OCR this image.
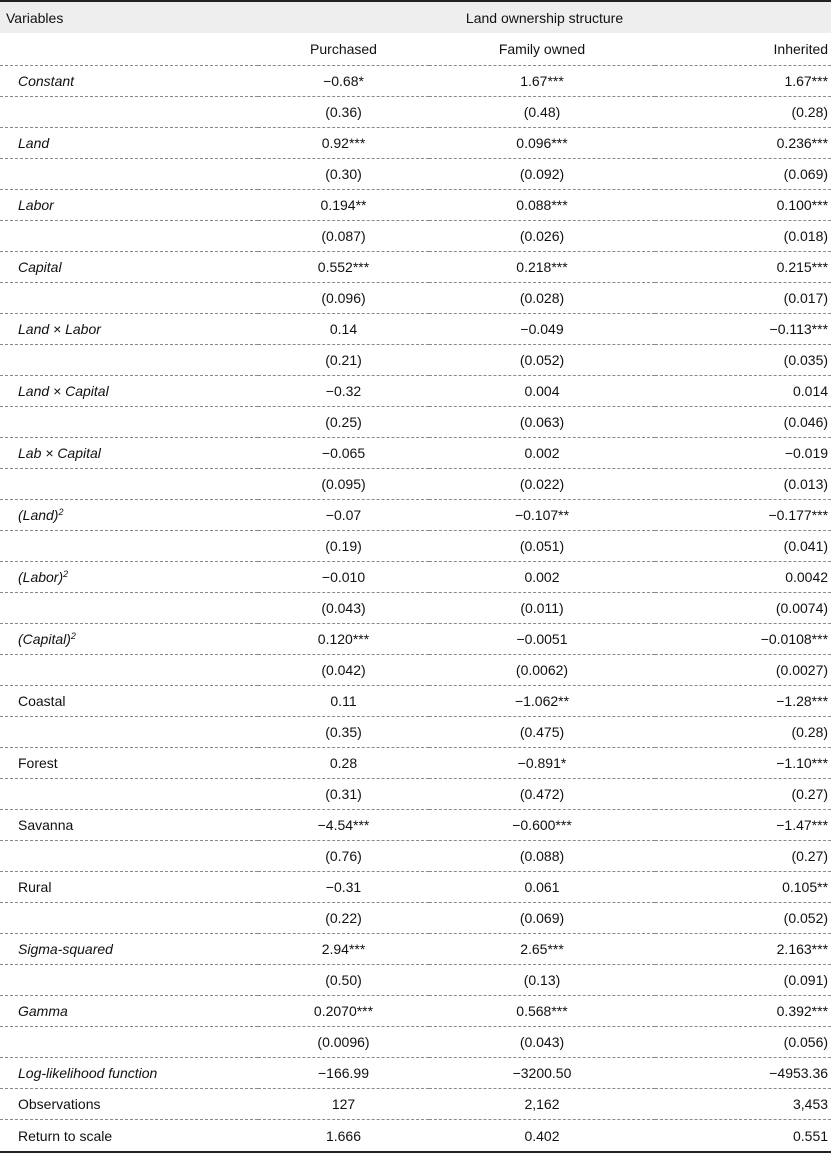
Variables	Land ownership structure		
	Purchased	Family owned	Inherited
Constant	−0.68*	1.67***	1.67***
	(0.36)	(0.48)	(0.28)
Land	0.92***	0.096***	0.236***
	(0.30)	(0.092)	(0.069)
Labor	0.194**	0.088***	0.100***
	(0.087)	(0.026)	(0.018)
Capital	0.552***	0.218***	0.215***
	(0.096)	(0.028)	(0.017)
Land × Labor	0.14	−0.049	−0.113***
	(0.21)	(0.052)	(0.035)
Land × Capital	−0.32	0.004	0.014
	(0.25)	(0.063)	(0.046)
Lab × Capital	−0.065	0.002	−0.019
	(0.095)	(0.022)	(0.013)
(Land)$^2$	−0.07	−0.107**	−0.177***
	(0.19)	(0.051)	(0.041)
(Labor)$^2$	−0.010	0.002	0.0042
	(0.043)	(0.011)	(0.0074)
(Capital)$^2$	0.120***	−0.0051	−0.0108***
	(0.042)	(0.0062)	(0.0027)
Coastal	0.11	−1.062**	−1.28***
	(0.35)	(0.475)	(0.28)
Forest	0.28	−0.891*	−1.10***
	(0.31)	(0.472)	(0.27)
Savanna	−4.54***	−0.600***	−1.47***
	(0.76)	(0.088)	(0.27)
Rural	−0.31	0.061	0.105**
	(0.22)	(0.069)	(0.052)
Sigma-squared	2.94***	2.65***	2.163***
	(0.50)	(0.13)	(0.091)
Gamma	0.2070***	0.568***	0.392***
	(0.0096)	(0.043)	(0.056)
Log-likelihood function	−166.99	−3200.50	−4953.36
Observations	127	2,162	3,453
Return to scale	1.666	0.402	0.551
